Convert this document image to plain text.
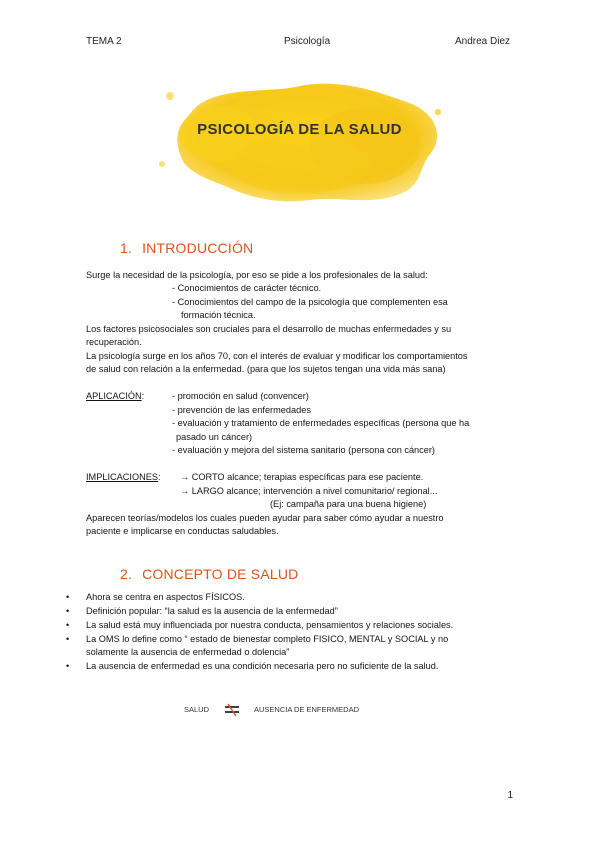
TEMA 2	Psicología	Andrea Diez
PSICOLOGÍA DE LA SALUD
1. INTRODUCCIÓN
Surge la necesidad de la psicología, por eso se pide a los profesionales de la salud:
- Conocimientos de carácter técnico.
- Conocimientos del campo de la psicología que complementen esa
formación técnica.
Los factores psicosociales son cruciales para el desarrollo de muchas enfermedades y su
recuperación.
La psicología surge en los años 70, con el interés de evaluar y modificar los comportamientos
de salud con relación a la enfermedad. (para que los sujetos tengan una vida más sana)
APLICACIÓN:	- promoción en salud (convencer)
- prevención de las enfermedades
- evaluación y tratamiento de enfermedades específicas (persona que ha
pasado un cáncer)
- evaluación y mejora del sistema sanitario (persona con cáncer)
IMPLICACIONES: → CORTO alcance; terapias específicas para ese paciente.
→ LARGO alcance; intervención a nivel comunitario/ regional...
(Ej: campaña para una buena higiene)
Aparecen teorías/modelos los cuales pueden ayudar para saber cómo ayudar a nuestro
paciente e implicarse en conductas saludables.
2. CONCEPTO DE SALUD
• Ahora se centra en aspectos FÍSICOS.
• Definición popular: “la salud es la ausencia de la enfermedad”
• La salud está muy influenciada por nuestra conducta, pensamientos y relaciones sociales.
• La OMS lo define como “ estado de bienestar completo FISICO, MENTAL y SOCIAL y no
solamente la ausencia de enfermedad o dolencia”
• La ausencia de enfermedad es una condición necesaria pero no suficiente de la salud.
SALUD	AUSENCIA DE ENFERMEDAD
1
